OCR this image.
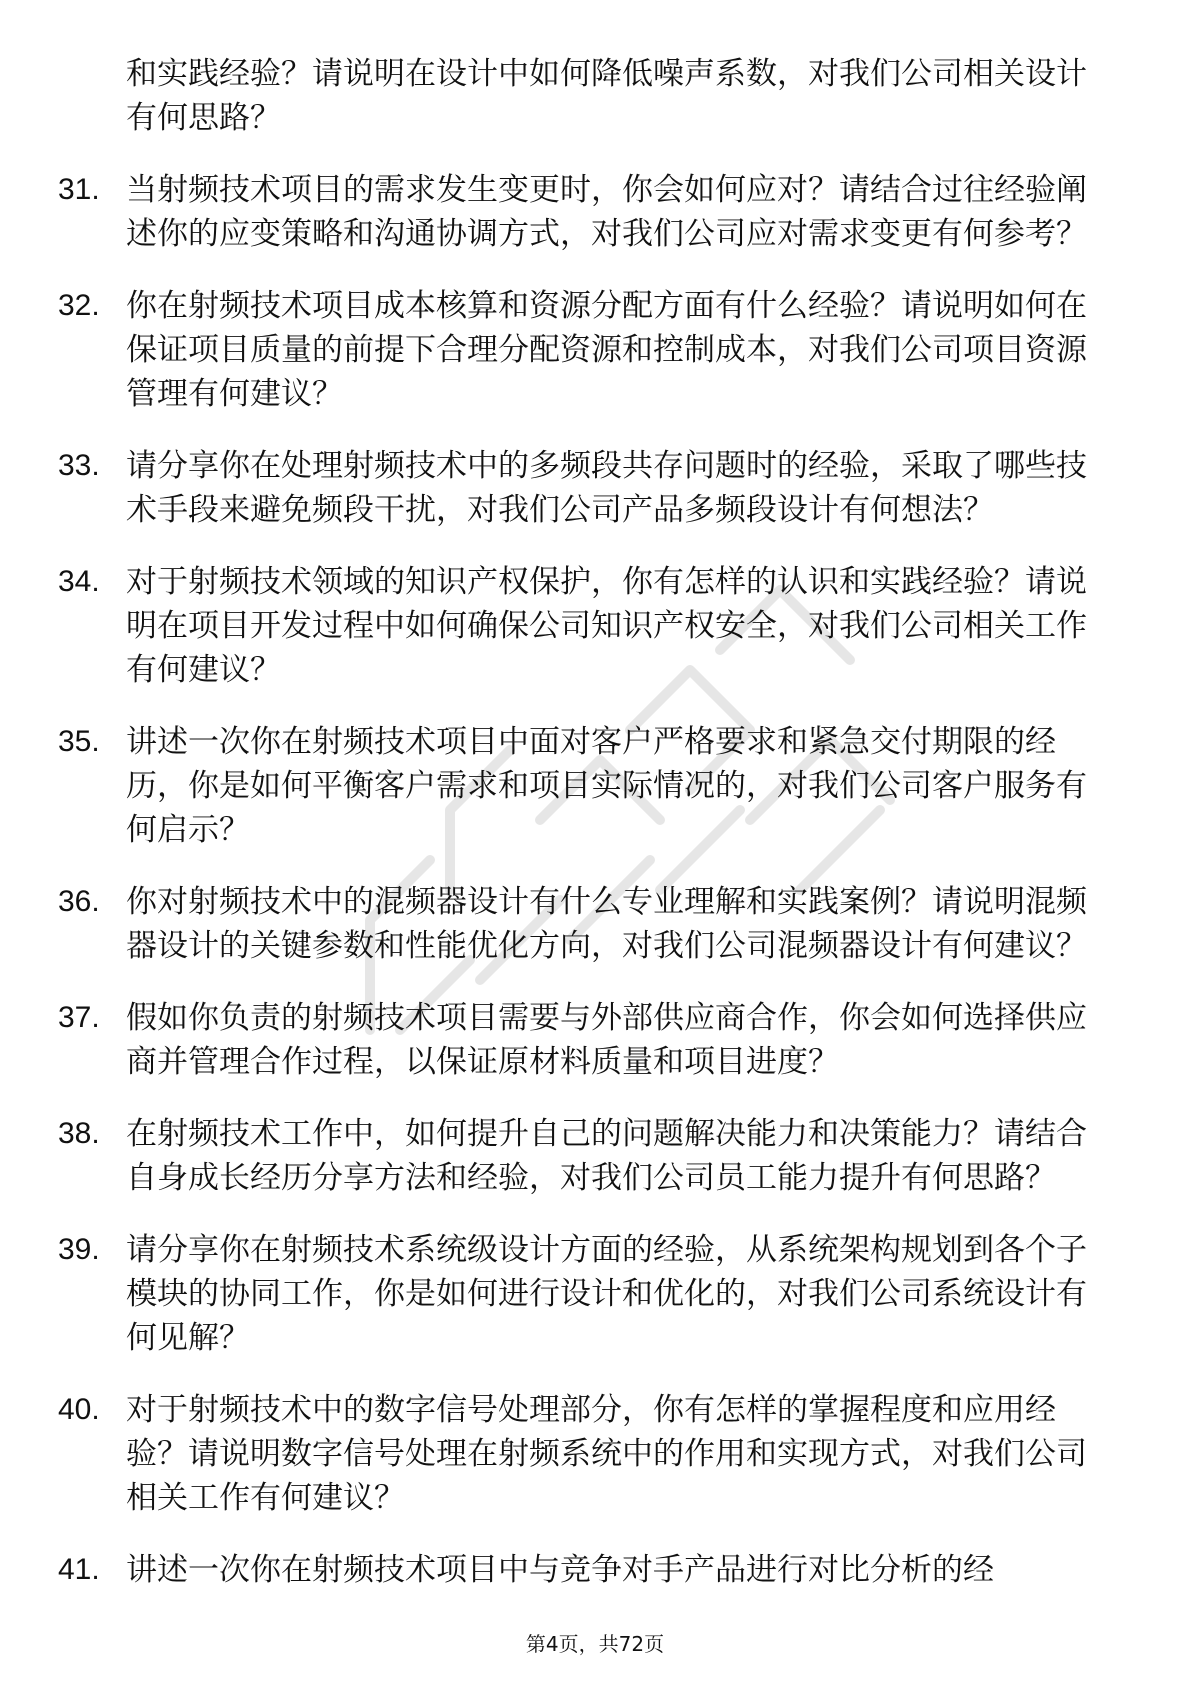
和实践经验？请说明在设计中如何降低噪声系数，对我们公司相关设计有何思路？
31. 当射频技术项目的需求发生变更时，你会如何应对？请结合过往经验阐述你的应变策略和沟通协调方式，对我们公司应对需求变更有何参考？
32. 你在射频技术项目成本核算和资源分配方面有什么经验？请说明如何在保证项目质量的前提下合理分配资源和控制成本，对我们公司项目资源管理有何建议？
33. 请分享你在处理射频技术中的多频段共存问题时的经验，采取了哪些技术手段来避免频段干扰，对我们公司产品多频段设计有何想法？
34. 对于射频技术领域的知识产权保护，你有怎样的认识和实践经验？请说明在项目开发过程中如何确保公司知识产权安全，对我们公司相关工作有何建议？
35. 讲述一次你在射频技术项目中面对客户严格要求和紧急交付期限的经历，你是如何平衡客户需求和项目实际情况的，对我们公司客户服务有何启示？
36. 你对射频技术中的混频器设计有什么专业理解和实践案例？请说明混频器设计的关键参数和性能优化方向，对我们公司混频器设计有何建议？
37. 假如你负责的射频技术项目需要与外部供应商合作，你会如何选择供应商并管理合作过程，以保证原材料质量和项目进度？
38. 在射频技术工作中，如何提升自己的问题解决能力和决策能力？请结合自身成长经历分享方法和经验，对我们公司员工能力提升有何思路？
39. 请分享你在射频技术系统级设计方面的经验，从系统架构规划到各个子模块的协同工作，你是如何进行设计和优化的，对我们公司系统设计有何见解？
40. 对于射频技术中的数字信号处理部分，你有怎样的掌握程度和应用经验？请说明数字信号处理在射频系统中的作用和实现方式，对我们公司相关工作有何建议？
41. 讲述一次你在射频技术项目中与竞争对手产品进行对比分析的经
第4页，共72页
